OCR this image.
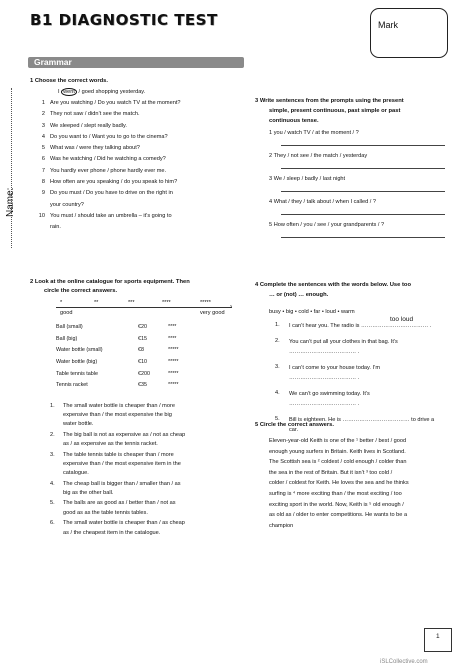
B1 DIAGNOSTIC TEST	Mark
Grammar
Name:
1 Choose the correct words.
I went / goed shopping yesterday.
1 Are you watching / Do you watch TV at the moment?
2 They not saw / didn’t see the match.
3 We sleeped / slept really badly.
4 Do you want to / Want you to go to the cinema?
5 What was / were they talking about?
6 Was he watching / Did he watching a comedy?
7 You hardly ever phone / phone hardly ever me.
8 How often are you speaking / do you speak to him?
9 Do you must / Do you have to drive on the right in
your country?
10 You must / should take an umbrella – it’s going to
rain.
2 Look at the online catalogue for sports equipment. Then
circle the correct answers.
*	**	***	****	*****
›
good	very good
Ball (small)	€20	****
Ball (big)	€15	****
Water bottle (small)	€8	*****
Water bottle (big)	€10	*****
Table tennis table	€200	*****
Tennis racket	€35	*****
1. The small water bottle is cheaper than / more
expensive than / the most expensive the big
water bottle.
2. The big ball is not as expensive as / not as cheap
as / as expensive as the tennis racket.
3. The table tennis table is cheaper than / more
expensive than / the most expensive item in the
catalogue.
4. The cheap ball is bigger than / smaller than / as
big as the other ball.
5. The balls are as good as / better than / not as
good as as the table tennis tables.
6. The small water bottle is cheaper than / as cheap
as / the cheapest item in the catalogue.
3 Write sentences from the prompts using the present
simple, present continuous, past simple or past
continuous tense.
1 you / watch TV / at the moment / ?
2 They / not see / the match / yesterday
3 We / sleep / badly / last night
4 What / they / talk about / when I called / ?
5 How often / you / see / your grandparents / ?
4 Complete the sentences with the words below. Use too
… or (not) … enough.
busy • big • cold • far • loud • warm
too loud
1. I can’t hear you. The radio is ……………………………… .
2. You can’t put all your clothes in that bag. It’s
……………………………… .
3. I can’t come to your house today. I’m
……………………………… .
4. We can’t go swimming today. It’s
……………………………… .
5. Bill is eighteen. He is ……………………………… to drive a
car.
5 Circle the correct answers.
Eleven-year-old Keith is one of the ¹ better / best / good
enough young surfers in Britain. Keith lives in Scotland.
The Scottish sea is ² coldest / cold enough / colder than
the sea in the rest of Britain. But it isn’t ³ too cold /
colder / coldest for Keith. He loves the sea and he thinks
surfing is ⁴ more exciting than / the most exciting / too
exciting sport in the world. Now, Keith is ⁵ old enough /
as old as / older to enter competitions. He wants to be a
champion
1
iSLCollective.com
